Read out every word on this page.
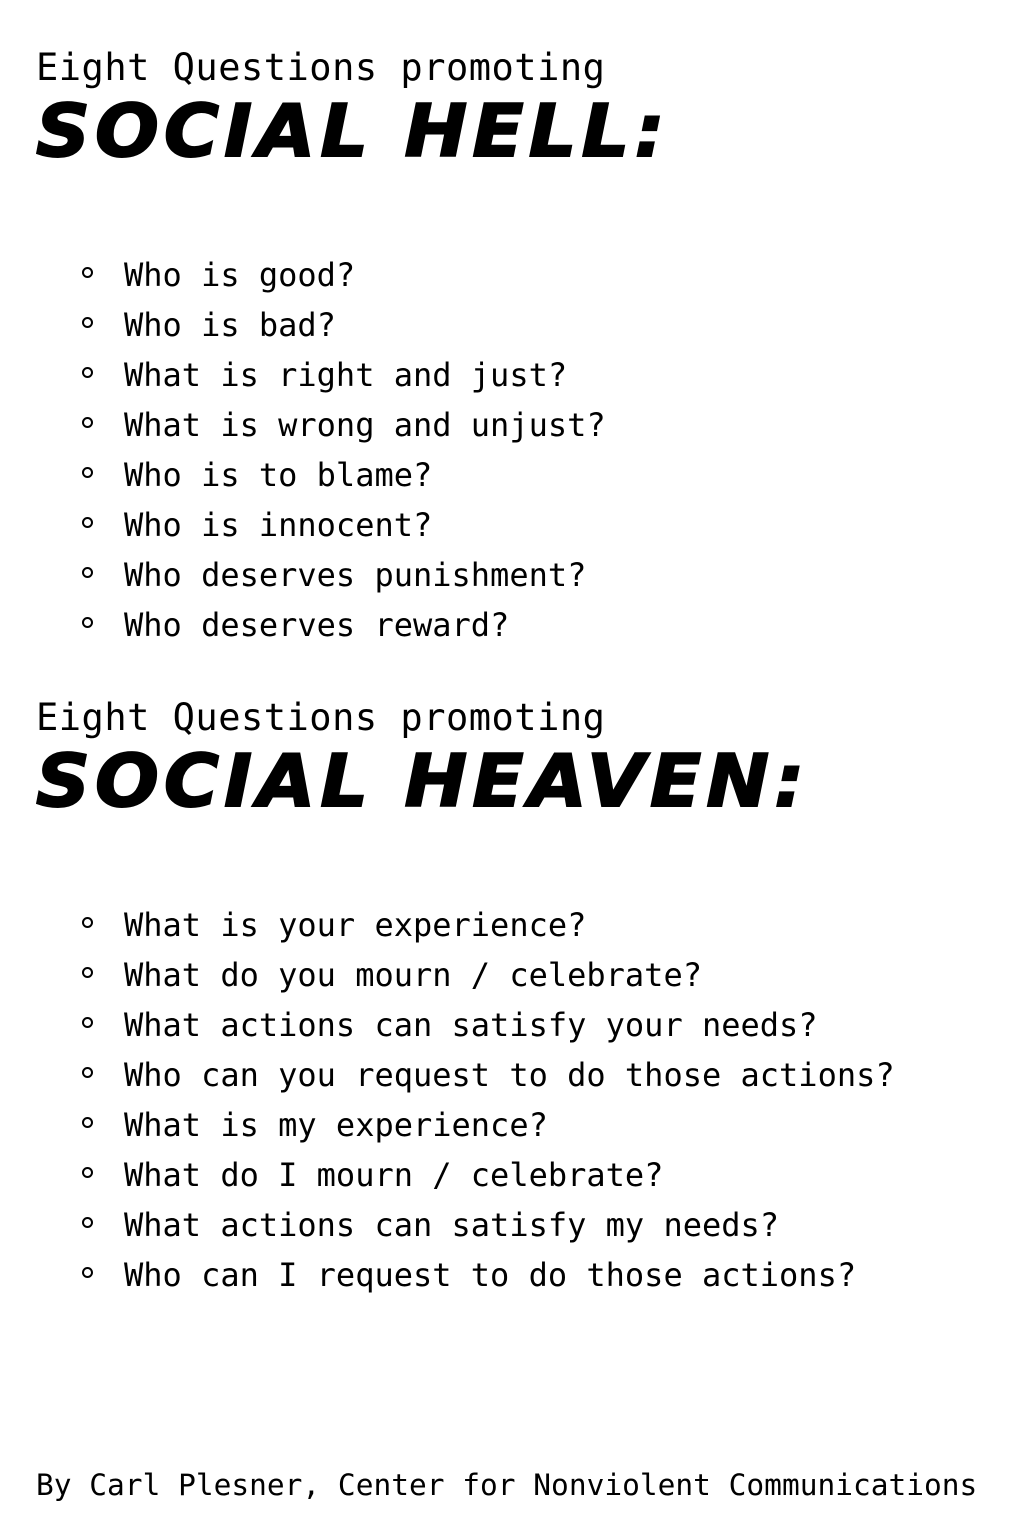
Eight Questions promoting
SOCIAL HELL:
Who is good?
Who is bad?
What is right and just?
What is wrong and unjust?
Who is to blame?
Who is innocent?
Who deserves punishment?
Who deserves reward?
Eight Questions promoting
SOCIAL HEAVEN:
What is your experience?
What do you mourn / celebrate?
What actions can satisfy your needs?
Who can you request to do those actions?
What is my experience?
What do I mourn / celebrate?
What actions can satisfy my needs?
Who can I request to do those actions?
By Carl Plesner, Center for Nonviolent Communications
